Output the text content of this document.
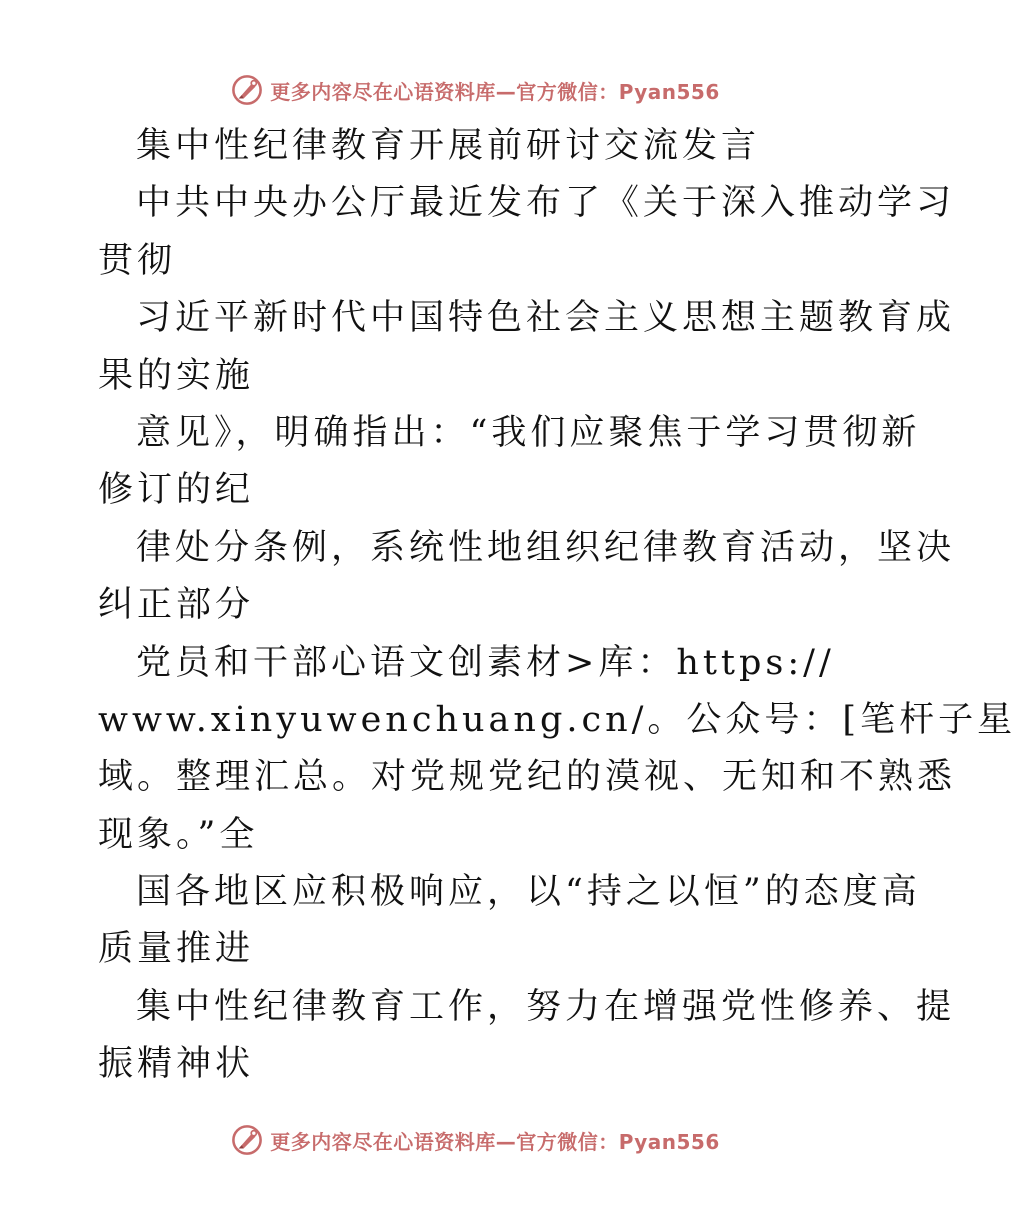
更多内容尽在心语资料库—官方微信：Pyan556
集中性纪律教育开展前研讨交流发言
中共中央办公厅最近发布了《关于深入推动学习
贯彻
习近平新时代中国特色社会主义思想主题教育成
果的实施
意见》，明确指出：“我们应聚焦于学习贯彻新
修订的纪
律处分条例，系统性地组织纪律教育活动，坚决
纠正部分
党员和干部心语文创素材>库：https://
www.xinyuwenchuang.cn/。公众号：[笔杆子星
域。整理汇总。对党规党纪的漠视、无知和不熟悉
现象。”全
国各地区应积极响应，以“持之以恒”的态度高
质量推进
集中性纪律教育工作，努力在增强党性修养、提
振精神状
更多内容尽在心语资料库—官方微信：Pyan556
